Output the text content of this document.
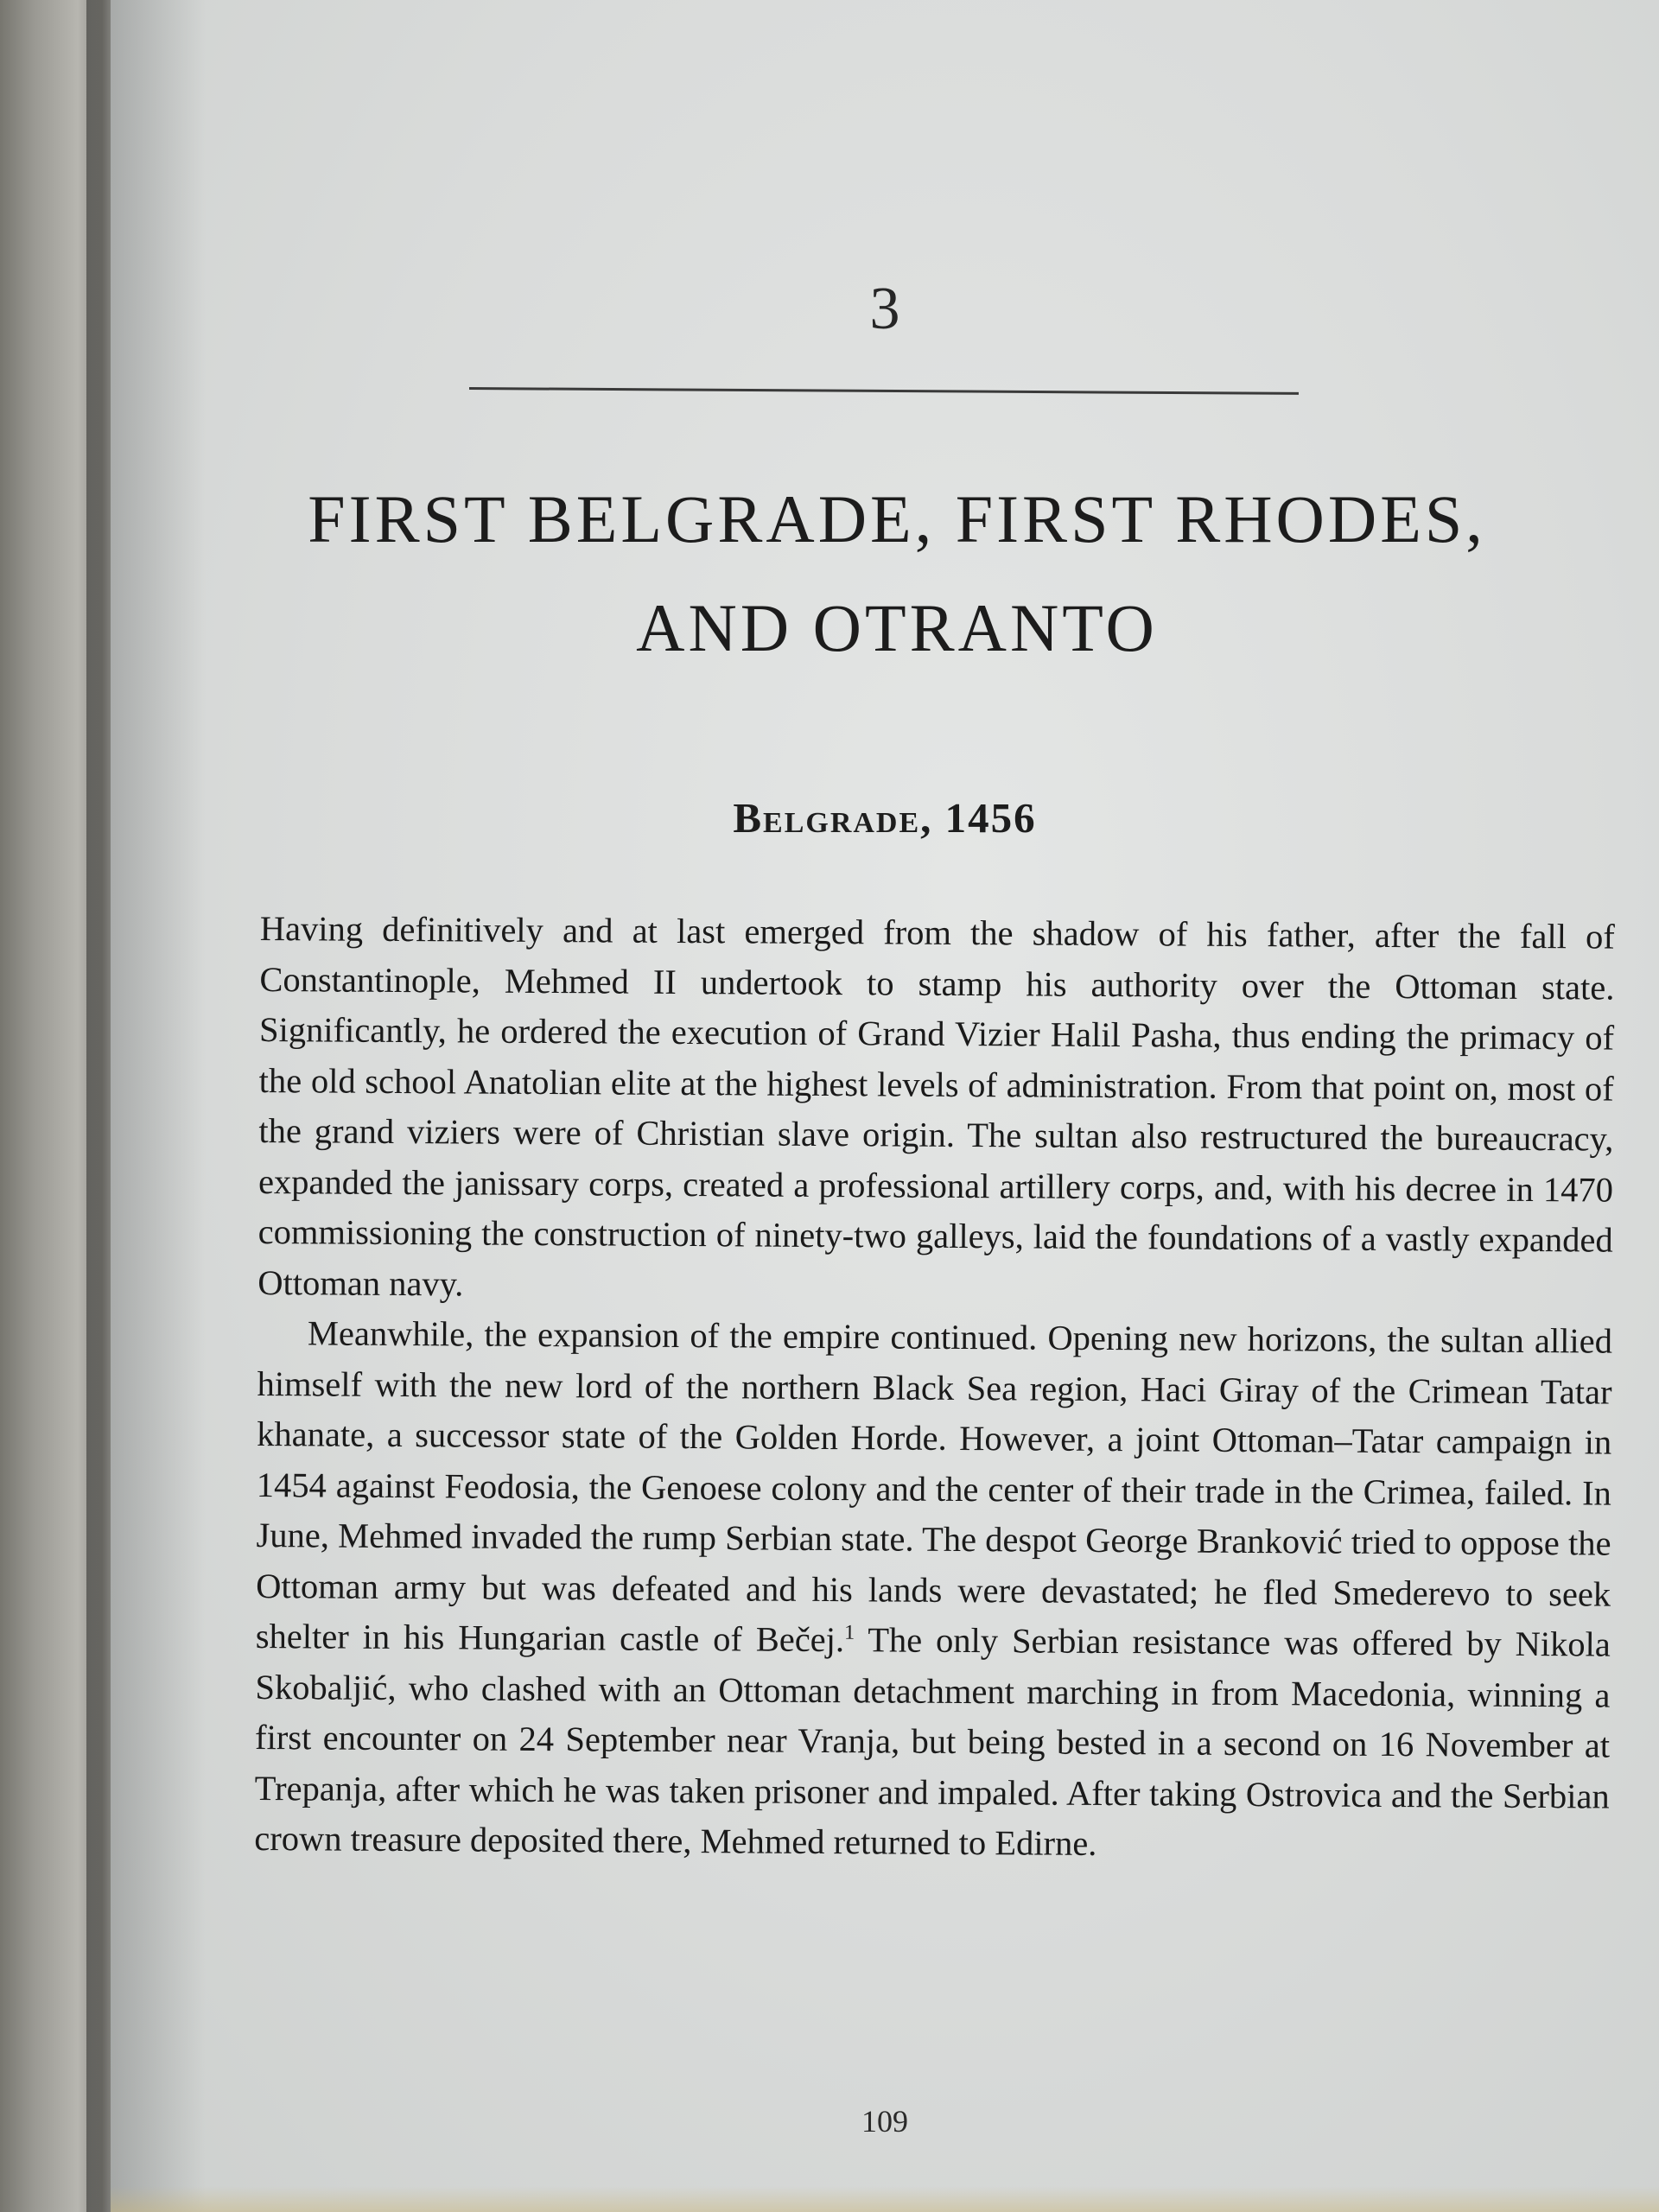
3
FIRST BELGRADE, FIRST RHODES, AND OTRANTO
Belgrade, 1456

Having definitively and at last emerged from the shadow of his father, after the fall of Constantinople, Mehmed II undertook to stamp his authority over the Ottoman state. Significantly, he ordered the execution of Grand Vizier Halil Pasha, thus ending the primacy of the old school Anatolian elite at the highest levels of administration. From that point on, most of the grand viziers were of Christian slave origin. The sultan also restructured the bureaucracy, expanded the janissary corps, created a professional artillery corps, and, with his decree in 1470 commissioning the construction of ninety-two galleys, laid the foundations of a vastly expanded Ottoman navy.

Meanwhile, the expansion of the empire continued. Opening new horizons, the sultan allied himself with the new lord of the northern Black Sea region, Haci Giray of the Crimean Tatar khanate, a successor state of the Golden Horde. However, a joint Ottoman–Tatar campaign in 1454 against Feodosia, the Genoese colony and the center of their trade in the Crimea, failed. In June, Mehmed invaded the rump Serbian state. The despot George Branković tried to oppose the Ottoman army but was defeated and his lands were devastated; he fled Smederevo to seek shelter in his Hungarian castle of Bečej.$^1$ The only Serbian resistance was offered by Nikola Skobaljić, who clashed with an Ottoman detachment marching in from Macedonia, winning a first encounter on 24 September near Vranja, but being bested in a second on 16 November at Trepanja, after which he was taken prisoner and impaled. After taking Ostrovica and the Serbian crown treasure deposited there, Mehmed returned to Edirne.

109
